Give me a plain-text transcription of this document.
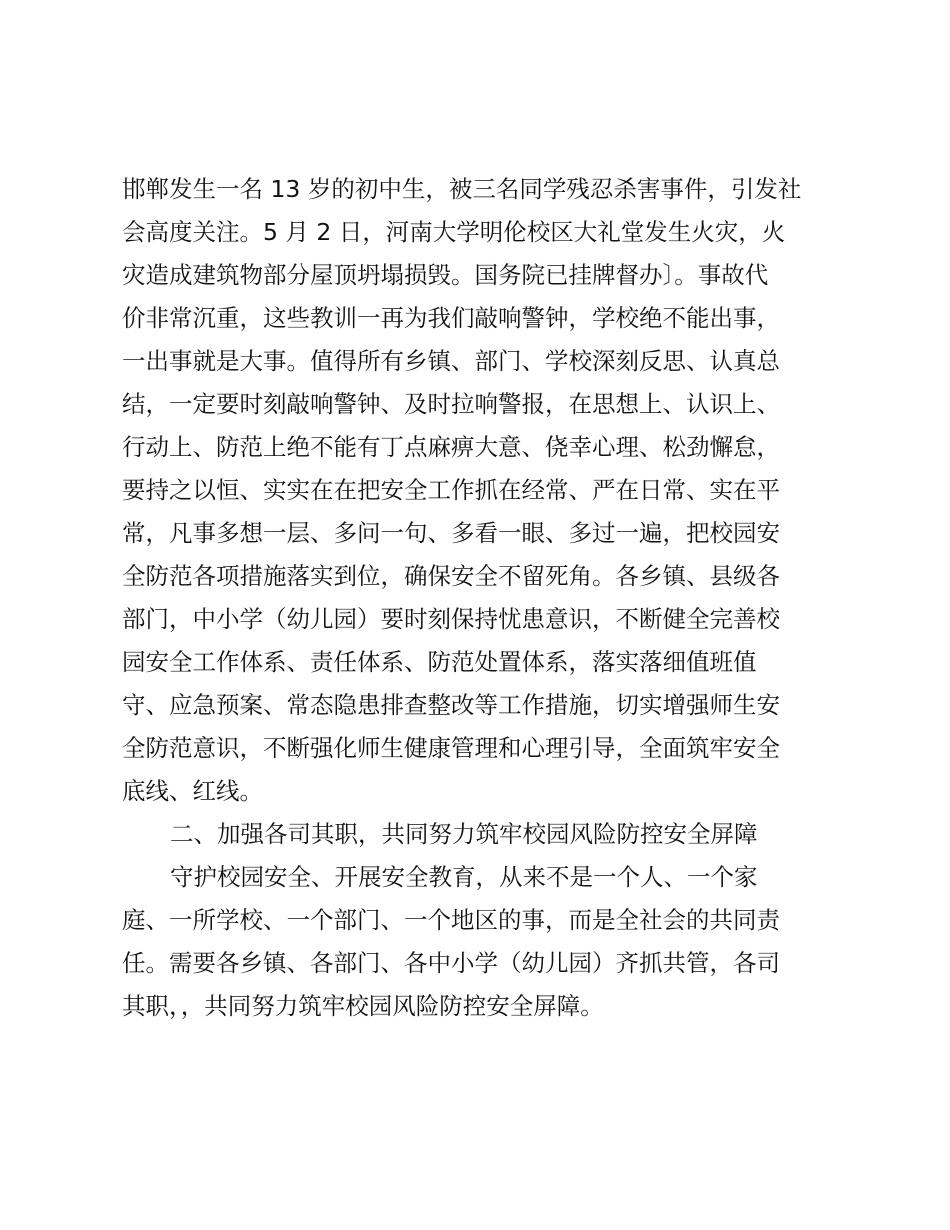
邯郸发生一名 13 岁的初中生，被三名同学残忍杀害事件，引发社
会高度关注。5 月 2 日，河南大学明伦校区大礼堂发生火灾，火
灾造成建筑物部分屋顶坍塌损毁。国务院已挂牌督办〕。事故代
价非常沉重，这些教训一再为我们敲响警钟，学校绝不能出事，
一出事就是大事。值得所有乡镇、部门、学校深刻反思、认真总
结，一定要时刻敲响警钟、及时拉响警报，在思想上、认识上、
行动上、防范上绝不能有丁点麻痹大意、侥幸心理、松劲懈怠，
要持之以恒、实实在在把安全工作抓在经常、严在日常、实在平
常，凡事多想一层、多问一句、多看一眼、多过一遍，把校园安
全防范各项措施落实到位，确保安全不留死角。各乡镇、县级各
部门，中小学（幼儿园）要时刻保持忧患意识，不断健全完善校
园安全工作体系、责任体系、防范处置体系，落实落细值班值
守、应急预案、常态隐患排查整改等工作措施，切实增强师生安
全防范意识，不断强化师生健康管理和心理引导，全面筑牢安全
底线、红线。
二、加强各司其职，共同努力筑牢校园风险防控安全屏障
守护校园安全、开展安全教育，从来不是一个人、一个家
庭、一所学校、一个部门、一个地区的事，而是全社会的共同责
任。需要各乡镇、各部门、各中小学（幼儿园）齐抓共管，各司
其职，，共同努力筑牢校园风险防控安全屏障。
